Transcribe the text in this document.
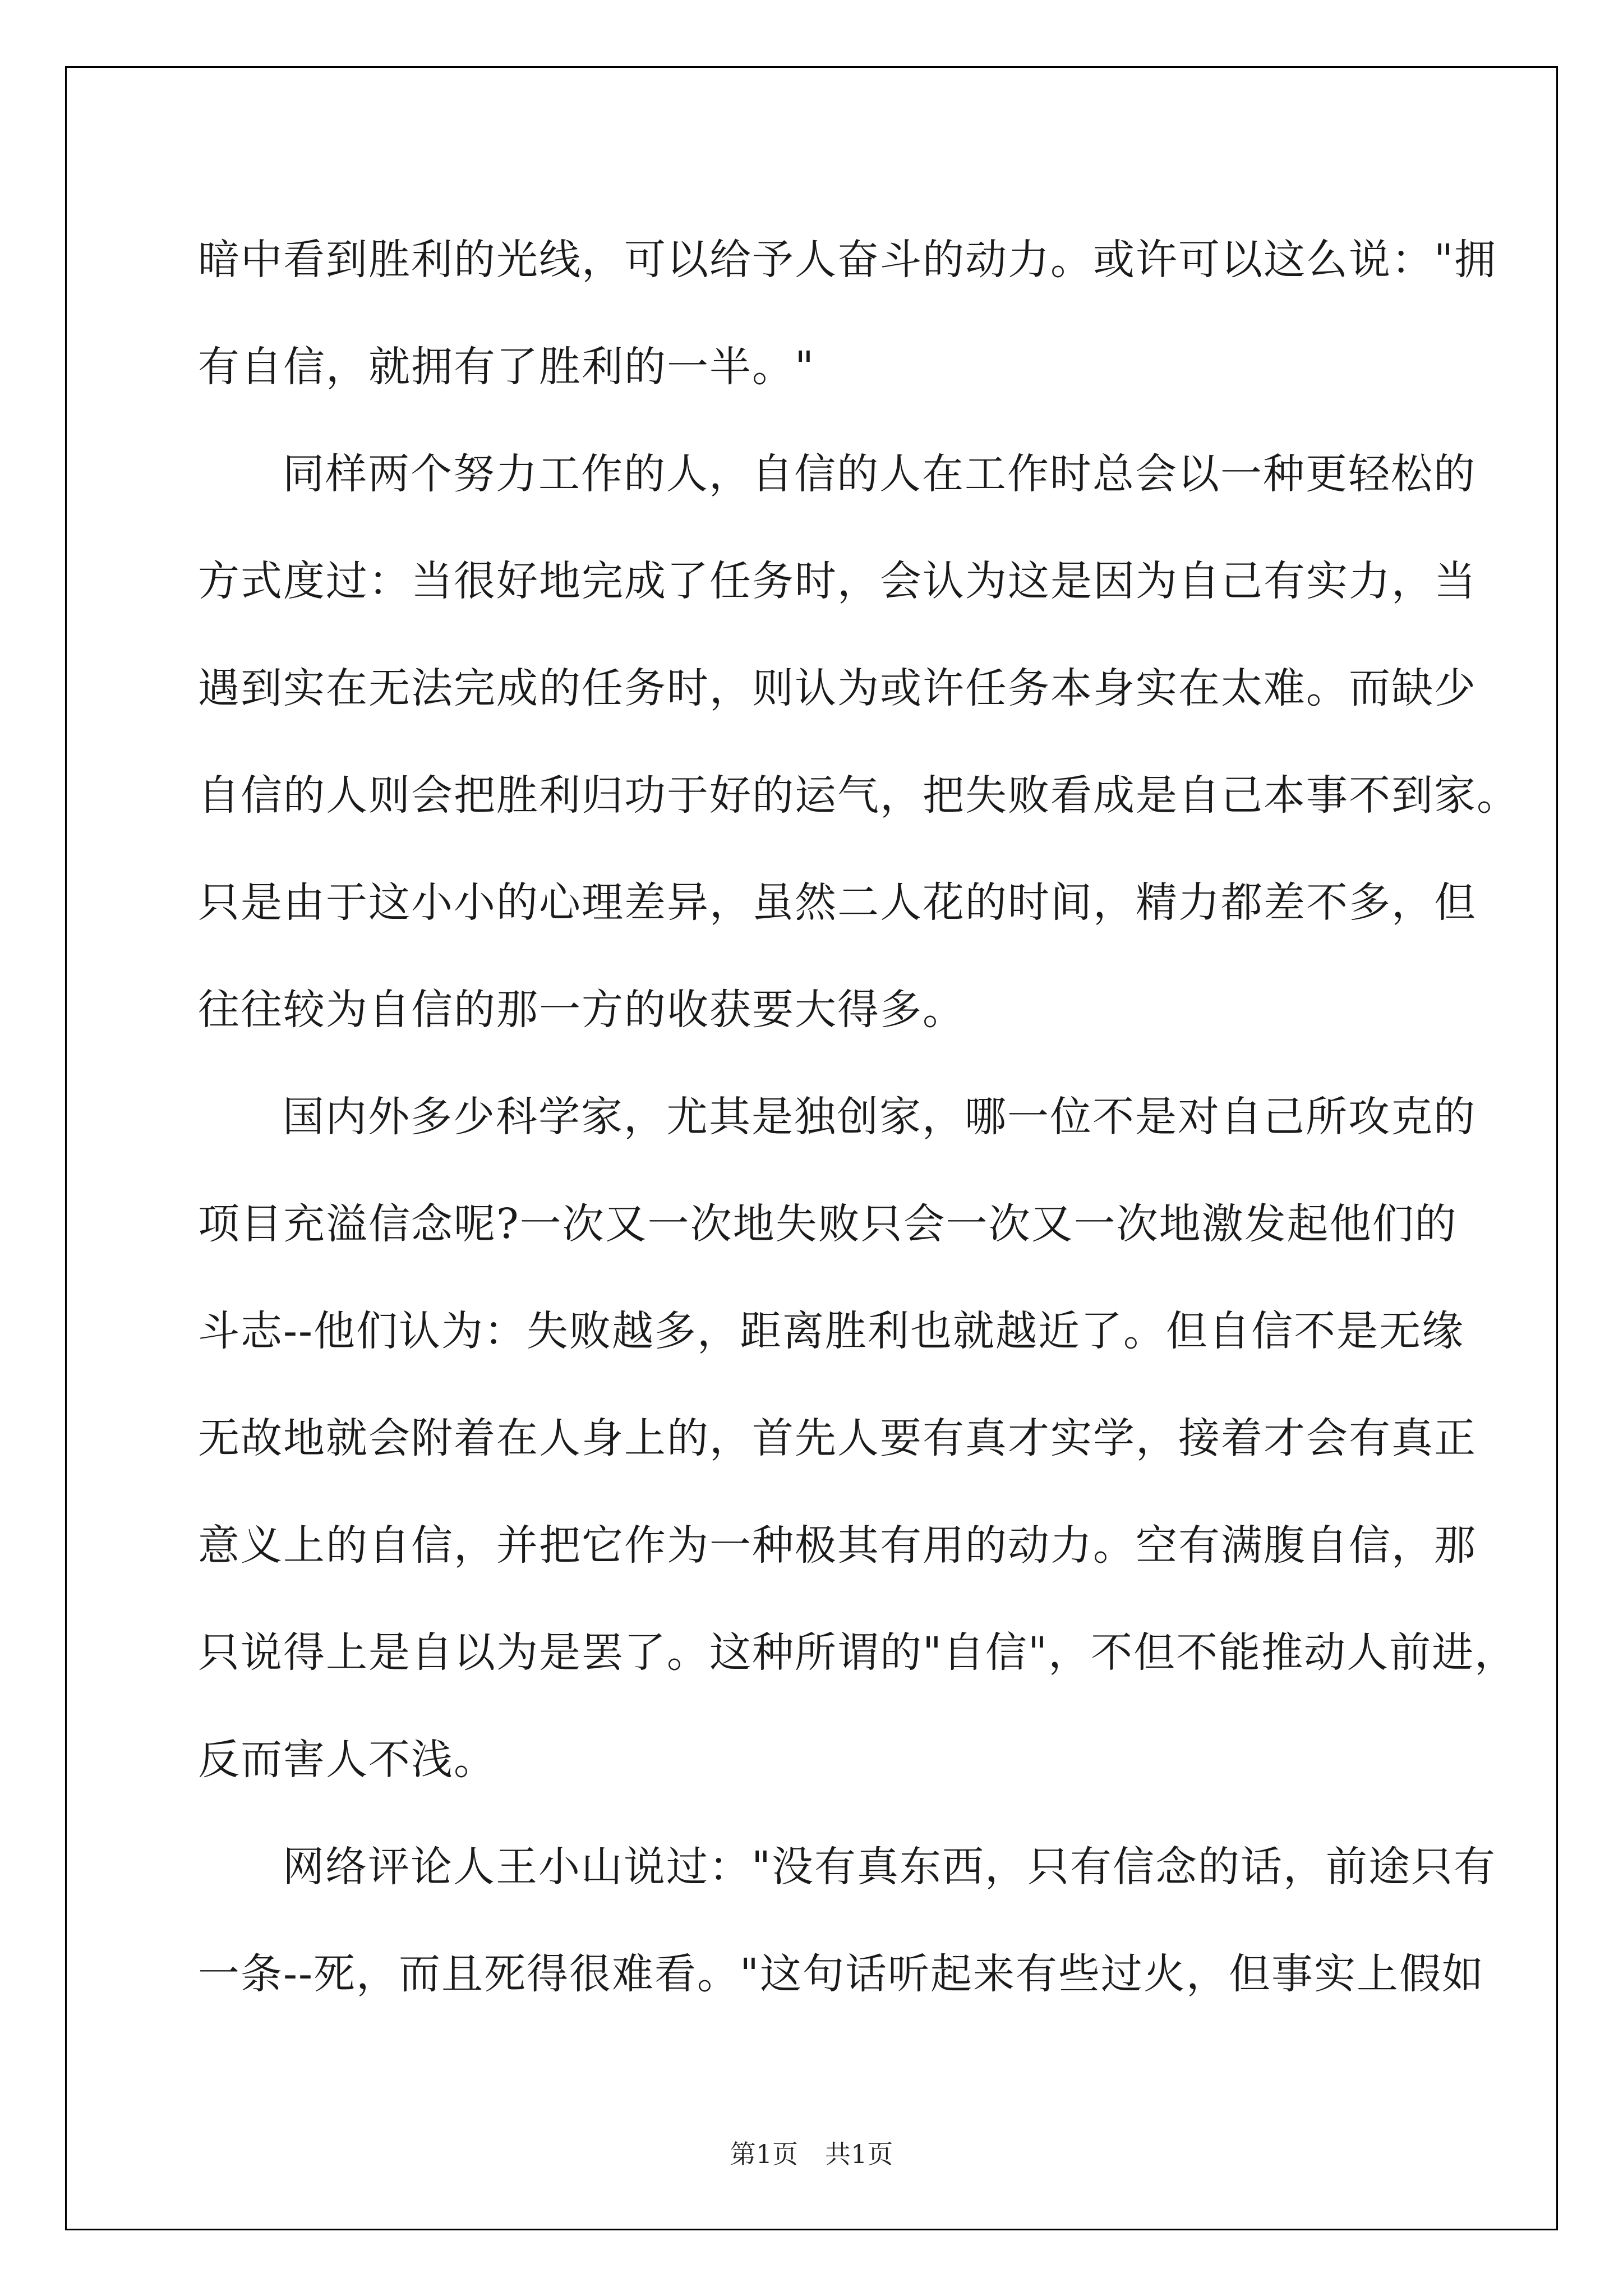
暗中看到胜利的光线，可以给予人奋斗的动力。或许可以这么说："拥
有自信，就拥有了胜利的一半。"
同样两个努力工作的人，自信的人在工作时总会以一种更轻松的
方式度过：当很好地完成了任务时，会认为这是因为自己有实力，当
遇到实在无法完成的任务时，则认为或许任务本身实在太难。而缺少
自信的人则会把胜利归功于好的运气，把失败看成是自己本事不到家。
只是由于这小小的心理差异，虽然二人花的时间，精力都差不多，但
往往较为自信的那一方的收获要大得多。
国内外多少科学家，尤其是独创家，哪一位不是对自己所攻克的
项目充溢信念呢?一次又一次地失败只会一次又一次地激发起他们的
斗志--他们认为：失败越多，距离胜利也就越近了。但自信不是无缘
无故地就会附着在人身上的，首先人要有真才实学，接着才会有真正
意义上的自信，并把它作为一种极其有用的动力。空有满腹自信，那
只说得上是自以为是罢了。这种所谓的"自信"，不但不能推动人前进，
反而害人不浅。
网络评论人王小山说过："没有真东西，只有信念的话，前途只有
一条--死，而且死得很难看。"这句话听起来有些过火，但事实上假如
第1页 共1页
